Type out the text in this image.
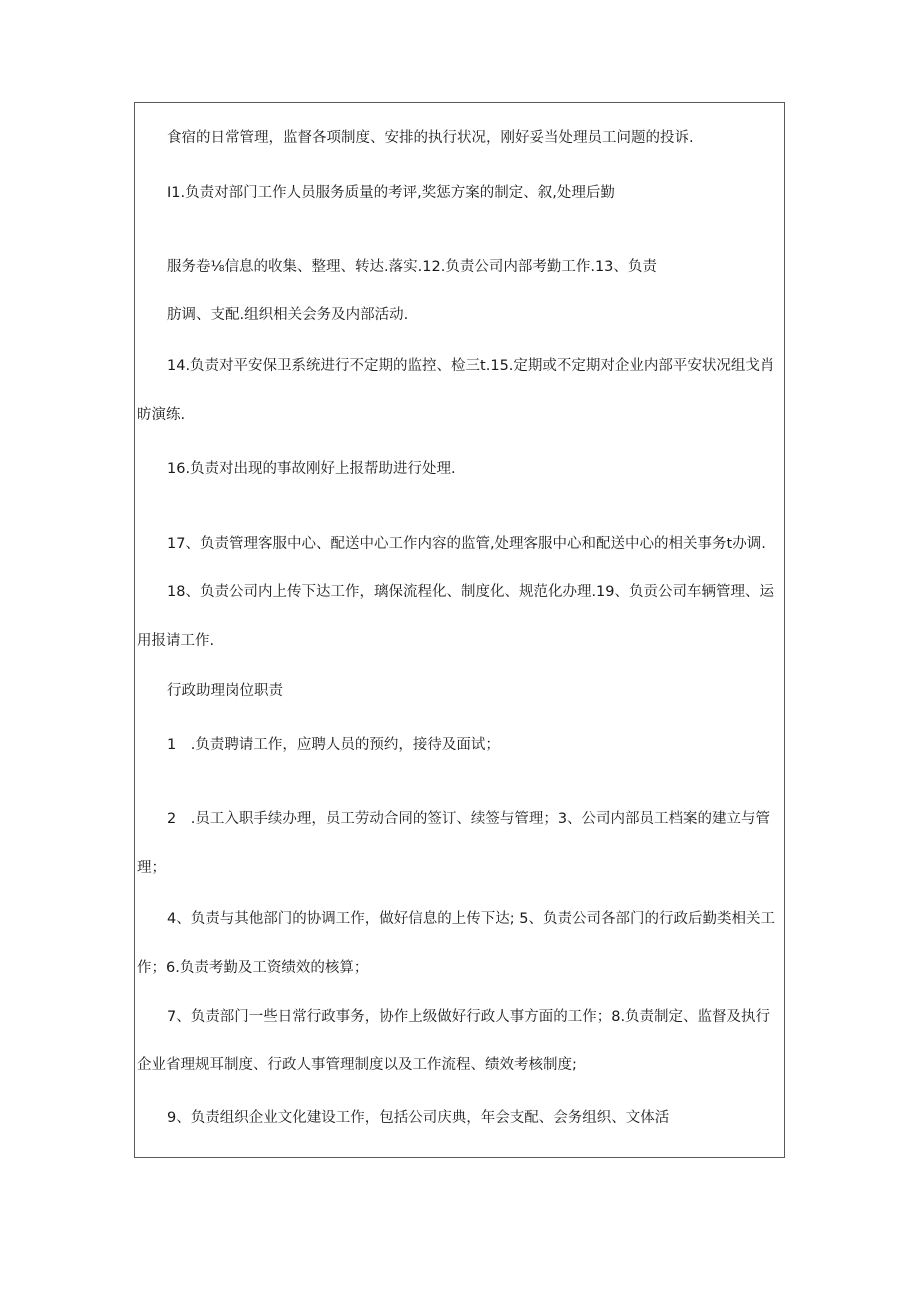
食宿的日常管理，监督各项制度、安排的执行状况，刚好妥当处理员工问题的投诉.
I1.负责对部门工作人员服务质量的考评,奖惩方案的制定、叙,处理后勤
服务卷⅛信息的收集、整理、转达.落实.12.负责公司内部考勤工作.13、负责
肪调、支配.组织相关会务及内部活动.
14.负责对平安保卫系统进行不定期的监控、检三t.15.定期或不定期对企业内部平安状况组戈肖
昉演练.
16.负责对出现的事故刚好上报帮助进行处理.
17、负责管理客服中心、配送中心工作内容的监管,处理客服中心和配送中心的相关事务t办调.
18、负责公司内上传下达工作，璃保流程化、制度化、规范化办理.19、负贡公司车辆管理、运
用报请工作.
行政助理岗位职责
1　.负责聘请工作，应聘人员的预约，接待及面试；
2　.员工入职手续办理，员工劳动合同的签订、续签与管理；3、公司内部员工档案的建立与管
理；
4、负责与其他部门的协调工作，做好信息的上传下达; 5、负责公司各部门的行政后勤类相关工
作；6.负责考勤及工资绩效的核算；
7、负责部门一些日常行政事务，协作上级做好行政人事方面的工作；8.负责制定、监督及执行
企业省理规耳制度、行政人事管理制度以及工作流程、绩效考核制度;
9、负责组织企业文化建设工作，包括公司庆典，年会支配、会务组织、文体活
